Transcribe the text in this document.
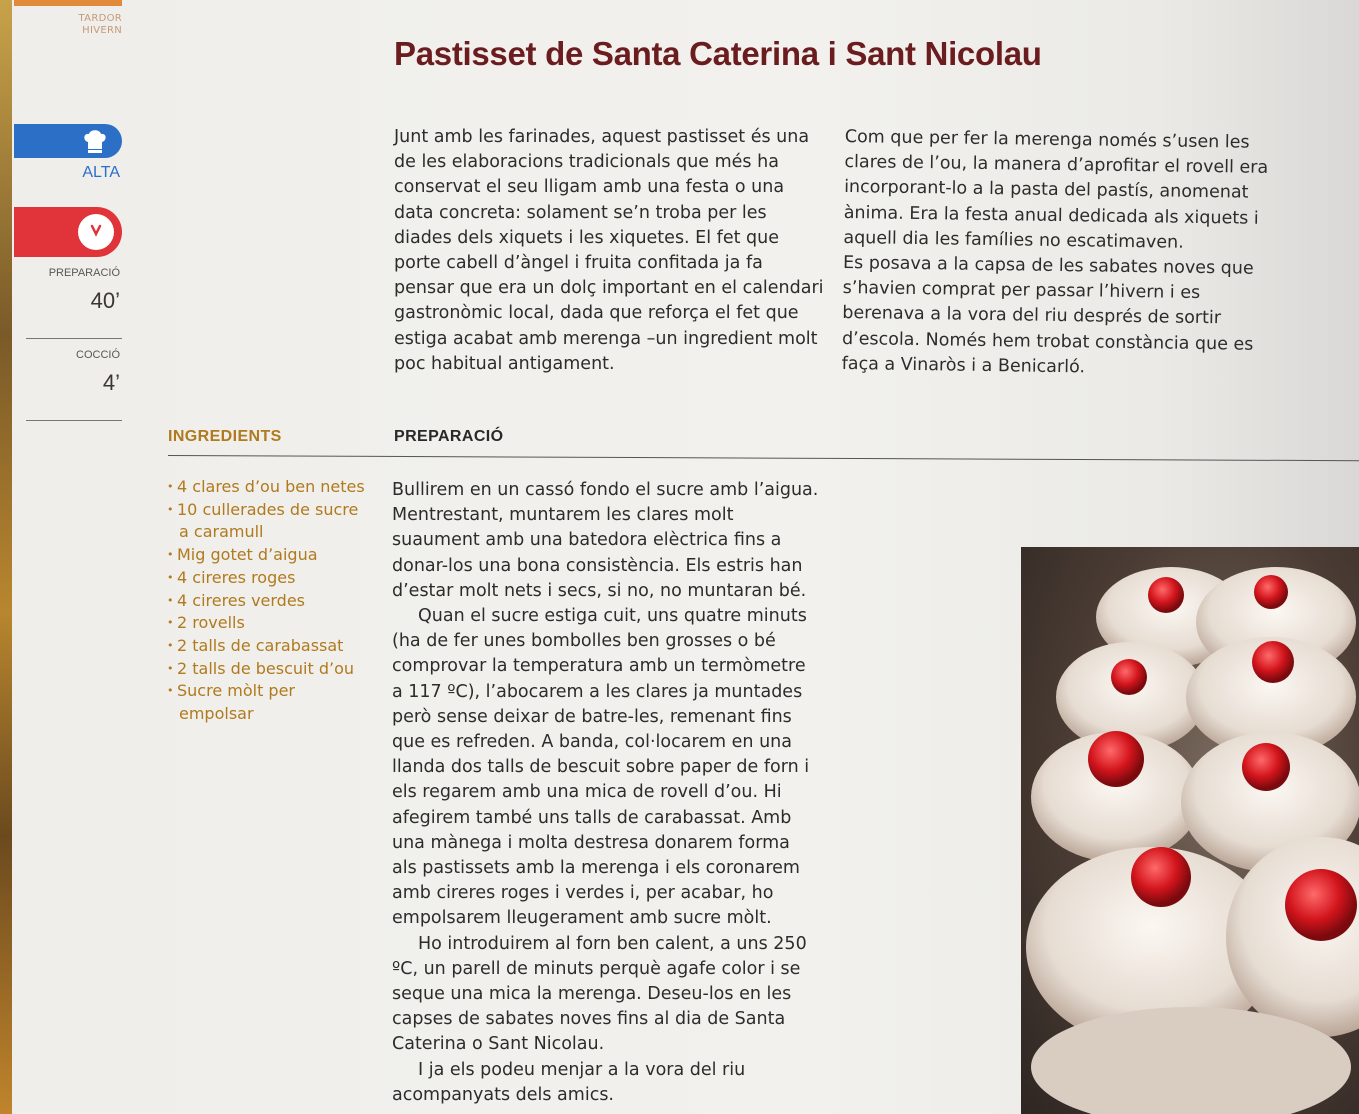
TARDOR
HIVERN
ALTA
PREPARACIÓ
40’
COCCIÓ
4’
Pastisset de Santa Caterina i Sant Nicolau

Junt amb les farinades, aquest pastisset és una de les elaboracions tradicionals que més ha conservat el seu lligam amb una festa o una data concreta: solament se’n troba per les diades dels xiquets i les xiquetes. El fet que porte cabell d’àngel i fruita confitada ja fa pensar que era un dolç important en el calendari gastronòmic local, dada que reforça el fet que estiga acabat amb merenga –un ingredient molt poc habitual antigament.

Com que per fer la merenga només s’usen les clares de l’ou, la manera d’aprofitar el rovell era incorporant-lo a la pasta del pastís, anomenat ànima. Era la festa anual dedicada als xiquets i aquell dia les famílies no escatimaven.

Es posava a la capsa de les sabates noves que s’havien comprat per passar l’hivern i es berenava a la vora del riu després de sortir d’escola. Només hem trobat constància que es faça a Vinaròs i a Benicarló.

INGREDIENTS	PREPARACIÓ
• 4 clares d’ou ben netes
• 10 cullerades de sucre a caramull
• Mig gotet d’aigua
• 4 cireres roges
• 4 cireres verdes
• 2 rovells
• 2 talls de carabassat
• 2 talls de bescuit d’ou
• Sucre mòlt per empolsar

Bullirem en un cassó fondo el sucre amb l’aigua. Mentrestant, muntarem les clares molt suaument amb una batedora elèctrica fins a donar-los una bona consistència. Els estris han d’estar molt nets i secs, si no, no muntaran bé.

Quan el sucre estiga cuit, uns quatre minuts (ha de fer unes bombolles ben grosses o bé comprovar la temperatura amb un termòmetre a 117 ºC), l’abocarem a les clares ja muntades però sense deixar de batre-les, remenant fins que es refreden. A banda, col·locarem en una llanda dos talls de bescuit sobre paper de forn i els regarem amb una mica de rovell d’ou. Hi afegirem també uns talls de carabassat. Amb una mànega i molta destresa donarem forma als pastissets amb la merenga i els coronarem amb cireres roges i verdes i, per acabar, ho empolsarem lleugerament amb sucre mòlt.

Ho introduirem al forn ben calent, a uns 250 ºC, un parell de minuts perquè agafe color i se seque una mica la merenga. Deseu-los en les capses de sabates noves fins al dia de Santa Caterina o Sant Nicolau.

I ja els podeu menjar a la vora del riu acompanyats dels amics.
